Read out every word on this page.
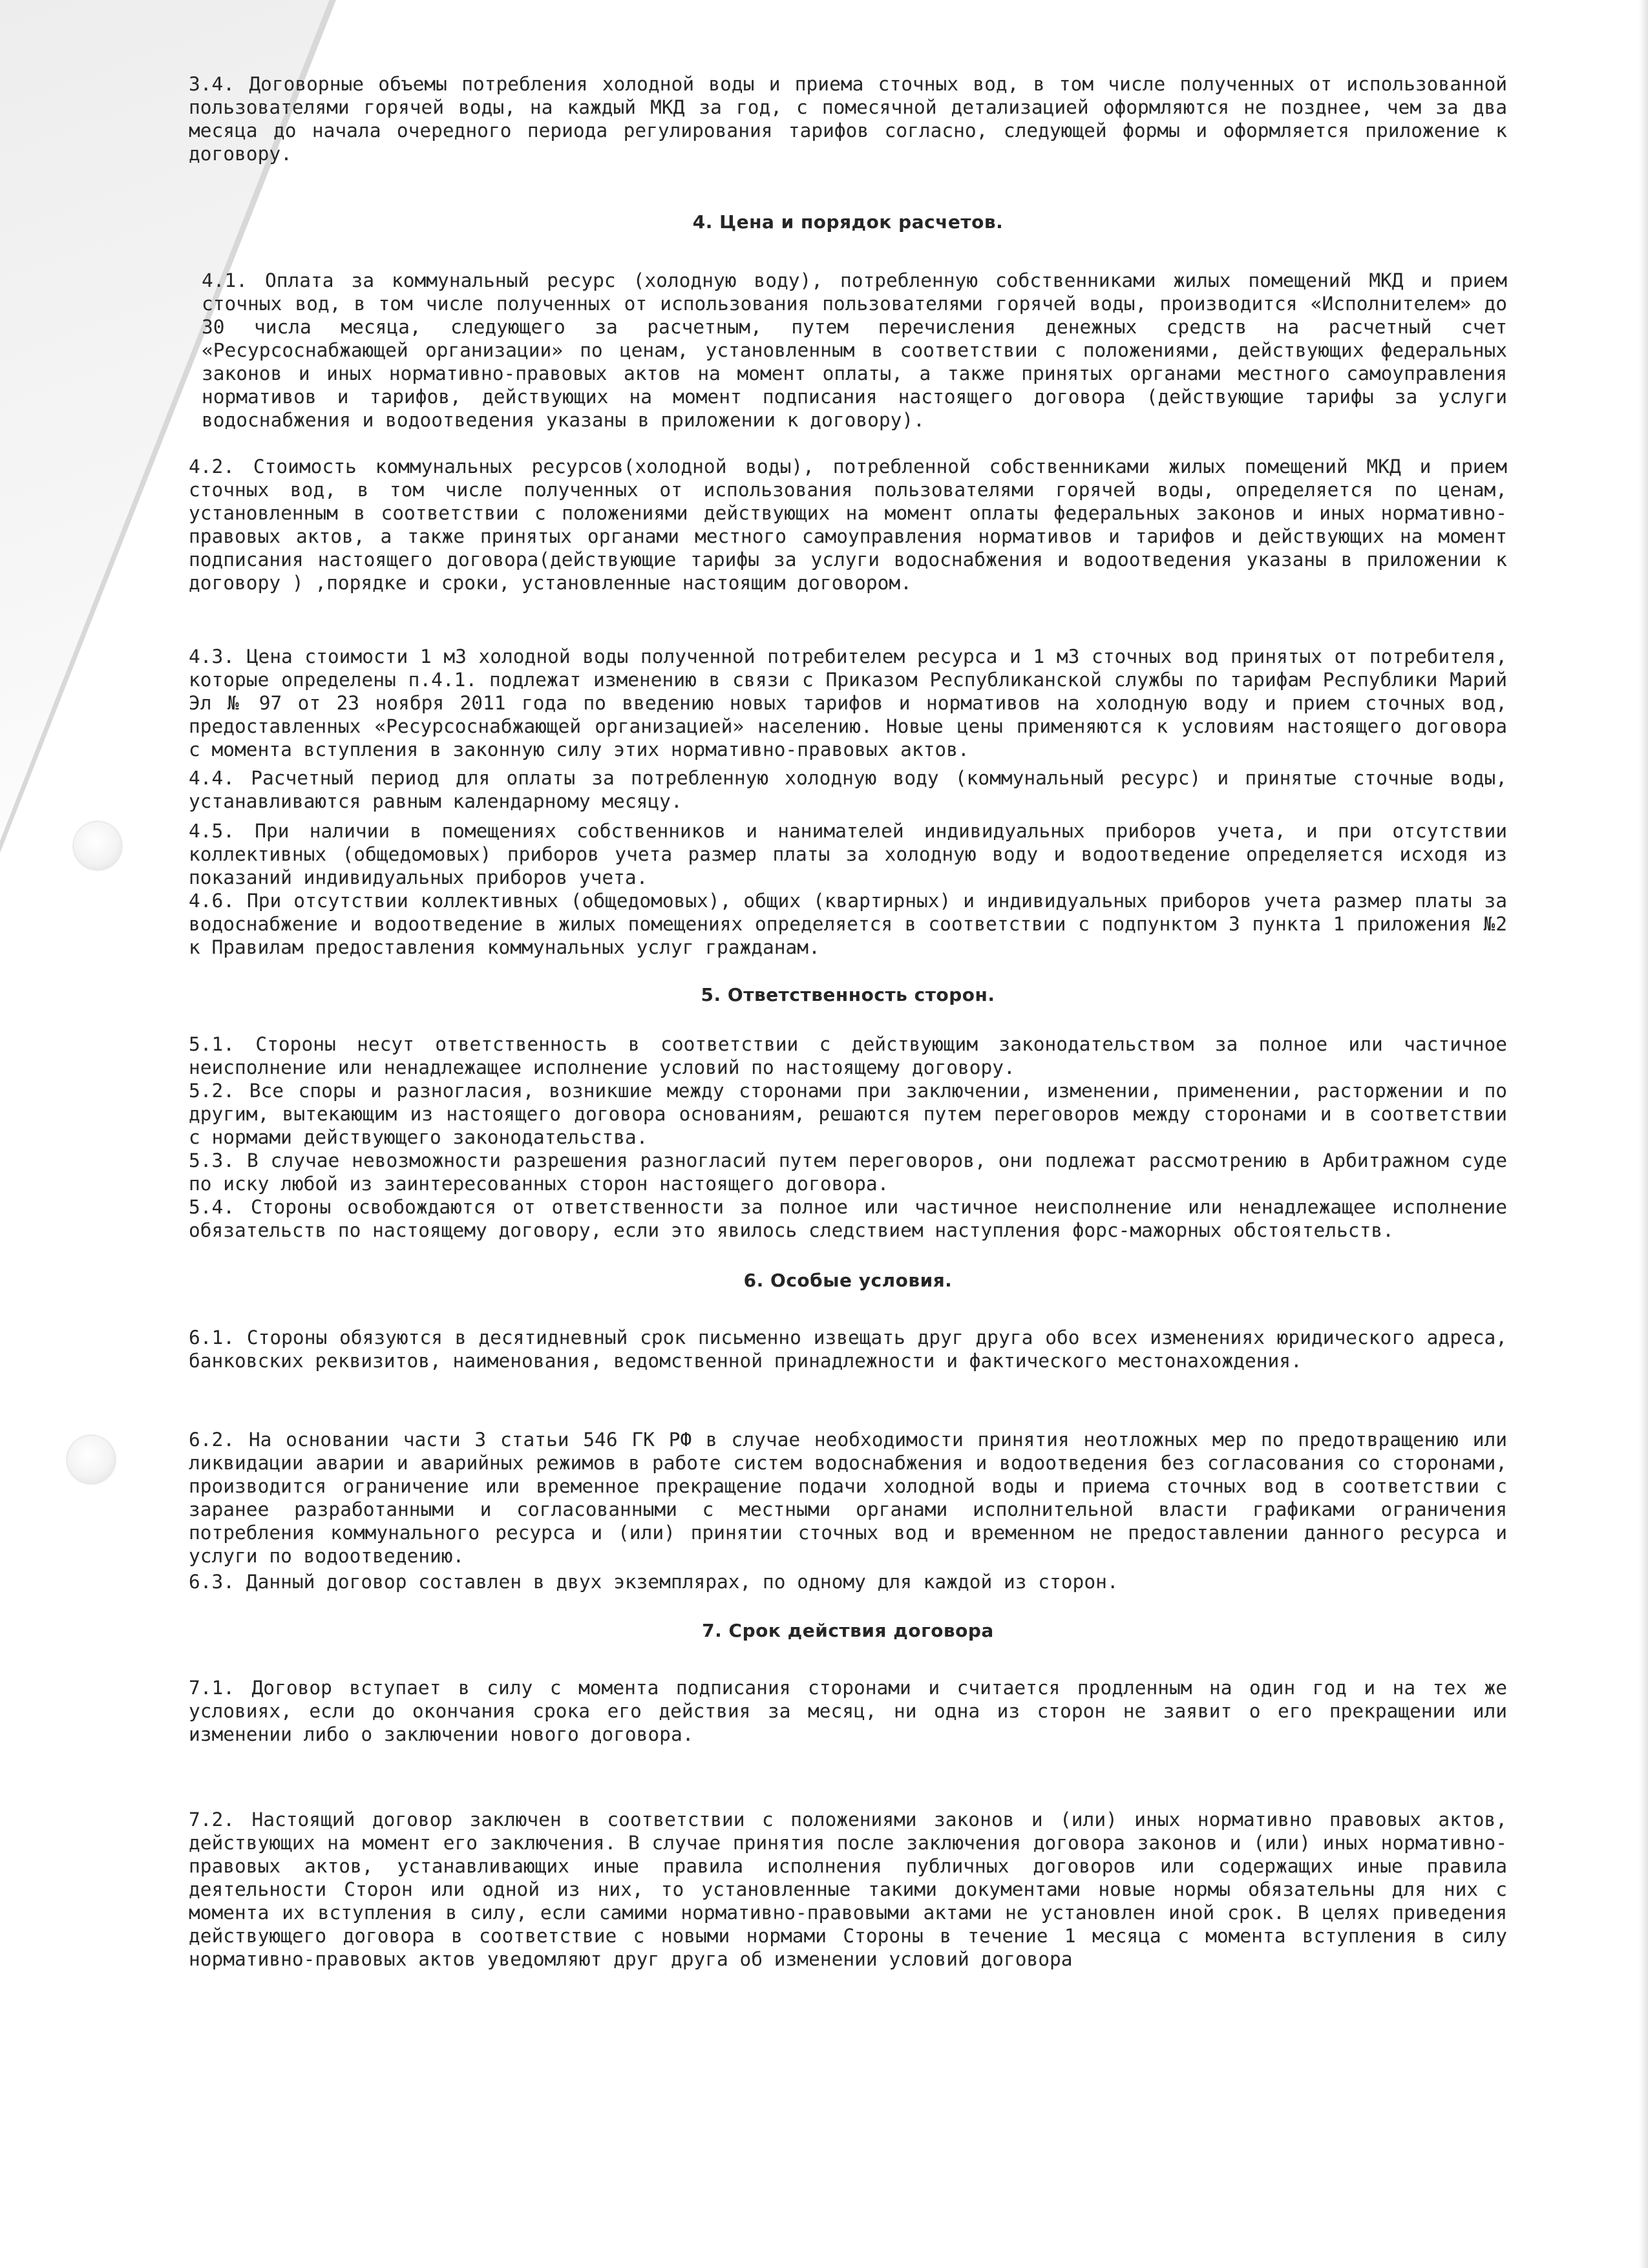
3.4. Договорные объемы потребления холодной воды и приема сточных вод, в том числе полученных от использованной пользователями горячей воды, на каждый МКД за год, с помесячной детализацией оформляются не позднее, чем за два месяца до начала очередного периода регулирования тарифов согласно, следующей формы и оформляется приложение к договору.

4. Цена и порядок расчетов.

4.1. Оплата за коммунальный ресурс (холодную воду), потребленную собственниками жилых помещений МКД и прием сточных вод, в том числе полученных от использования пользователями горячей воды, производится «Исполнителем» до 30 числа месяца, следующего за расчетным, путем перечисления денежных средств на расчетный счет «Ресурсоснабжающей организации» по ценам, установленным в соответствии с положениями, действующих федеральных законов и иных нормативно-правовых актов на момент оплаты, а также принятых органами местного самоуправления нормативов и тарифов, действующих на момент подписания настоящего договора (действующие тарифы за услуги водоснабжения и водоотведения указаны в приложении к договору).

4.2. Стоимость коммунальных ресурсов(холодной воды), потребленной собственниками жилых помещений МКД и прием сточных вод, в том числе полученных от использования пользователями горячей воды, определяется по ценам, установленным в соответствии с положениями действующих на момент оплаты федеральных законов и иных нормативно-правовых актов, а также принятых органами местного самоуправления нормативов и тарифов и действующих на момент подписания настоящего договора(действующие тарифы за услуги водоснабжения и водоотведения указаны в приложении к договору ) ,порядке и сроки, установленные настоящим договором.

4.3. Цена стоимости 1 м3 холодной воды полученной потребителем ресурса и 1 м3 сточных вод принятых от потребителя, которые определены п.4.1. подлежат изменению в связи с Приказом Республиканской службы по тарифам Республики Марий Эл № 97 от 23 ноября 2011 года по введению новых тарифов и нормативов на холодную воду и прием сточных вод, предоставленных «Ресурсоснабжающей организацией» населению. Новые цены применяются к условиям настоящего договора с момента вступления в законную силу этих нормативно-правовых актов.

4.4. Расчетный период для оплаты за потребленную холодную воду (коммунальный ресурс) и принятые сточные воды, устанавливаются равным календарному месяцу.

4.5. При наличии в помещениях собственников и нанимателей индивидуальных приборов учета, и при отсутствии коллективных (общедомовых) приборов учета размер платы за холодную воду и водоотведение определяется исходя из показаний индивидуальных приборов учета.

4.6. При отсутствии коллективных (общедомовых), общих (квартирных) и индивидуальных приборов учета размер платы за водоснабжение и водоотведение в жилых помещениях определяется в соответствии с подпунктом 3 пункта 1 приложения №2 к Правилам предоставления коммунальных услуг гражданам.

5. Ответственность сторон.

5.1. Стороны несут ответственность в соответствии с действующим законодательством за полное или частичное неисполнение или ненадлежащее исполнение условий по настоящему договору.

5.2. Все споры и разногласия, возникшие между сторонами при заключении, изменении, применении, расторжении и по другим, вытекающим из настоящего договора основаниям, решаются путем переговоров между сторонами и в соответствии с нормами действующего законодательства.

5.3. В случае невозможности разрешения разногласий путем переговоров, они подлежат рассмотрению в Арбитражном суде по иску любой из заинтересованных сторон настоящего договора.

5.4. Стороны освобождаются от ответственности за полное или частичное неисполнение или ненадлежащее исполнение обязательств по настоящему договору, если это явилось следствием наступления форс-мажорных обстоятельств.

6. Особые условия.

6.1. Стороны обязуются в десятидневный срок письменно извещать друг друга обо всех изменениях юридического адреса, банковских реквизитов, наименования, ведомственной принадлежности и фактического местонахождения.

6.2. На основании части 3 статьи 546 ГК РФ в случае необходимости принятия неотложных мер по предотвращению или ликвидации аварии и аварийных режимов в работе систем водоснабжения и водоотведения без согласования со сторонами, производится ограничение или временное прекращение подачи холодной воды и приема сточных вод в соответствии с заранее разработанными и согласованными с местными органами исполнительной власти графиками ограничения потребления коммунального ресурса и (или) принятии сточных вод и временном не предоставлении данного ресурса и услуги по водоотведению.

6.3. Данный договор составлен в двух экземплярах, по одному для каждой из сторон.

7. Срок действия договора

7.1. Договор вступает в силу с момента подписания сторонами и считается продленным на один год и на тех же условиях, если до окончания срока его действия за месяц, ни одна из сторон не заявит о его прекращении или изменении либо о заключении нового договора.

7.2. Настоящий договор заключен в соответствии с положениями законов и (или) иных нормативно правовых актов, действующих на момент его заключения. В случае принятия после заключения договора законов и (или) иных нормативно-правовых актов, устанавливающих иные правила исполнения публичных договоров или содержащих иные правила деятельности Сторон или одной из них, то установленные такими документами новые нормы обязательны для них с момента их вступления в силу, если самими нормативно-правовыми актами не установлен иной срок. В целях приведения действующего договора в соответствие с новыми нормами Стороны в течение 1 месяца с момента вступления в силу нормативно-правовых актов уведомляют друг друга об изменении условий договора
